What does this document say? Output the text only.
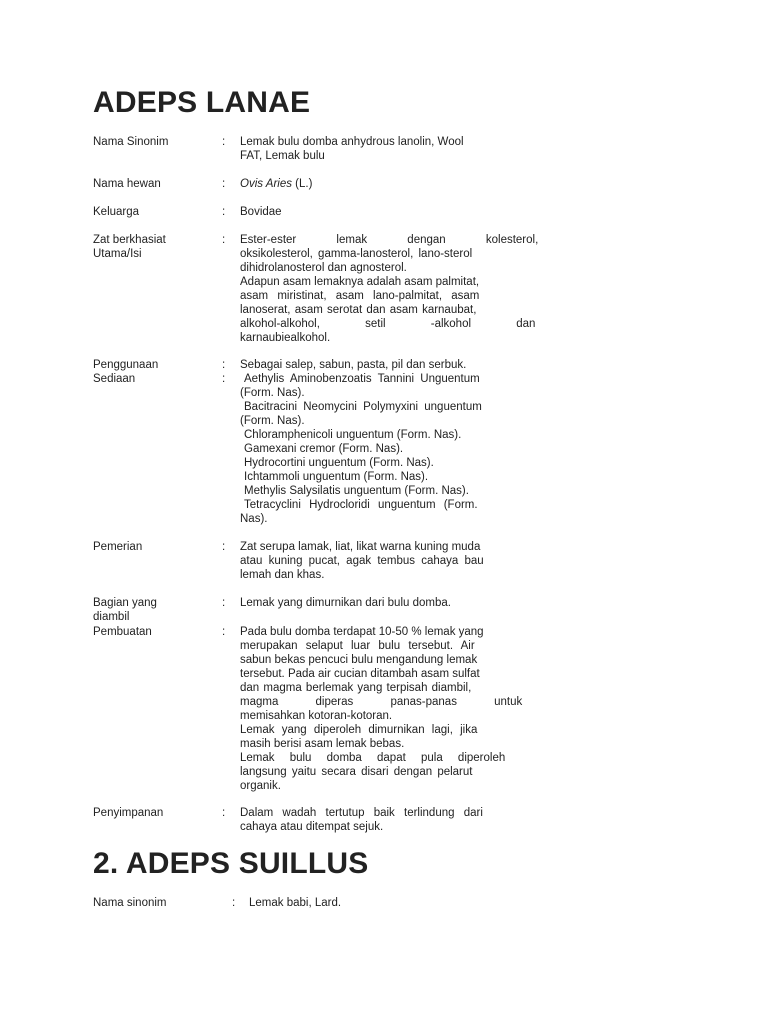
ADEPS LANAE
Nama Sinonim	: Lemak bulu domba anhydrous lanolin, Wool
FAT, Lemak bulu
Nama hewan	: Ovis Aries (L.)
Keluarga	: Bovidae
Zat berkhasiat
Utama/Isi
: Ester-ester lemak dengan kolesterol,
oksikolesterol, gamma-lanosterol, lano-sterol
dihidrolanosterol dan agnosterol.
Adapun asam lemaknya adalah asam palmitat,
asam miristinat, asam lano-palmitat, asam
lanoserat, asam serotat dan asam karnaubat,
alkohol-alkohol, setil -alkohol dan
karnaubiealkohol.
Penggunaan	: Sebagai salep, sabun, pasta, pil dan serbuk.
Sediaan	:	Aethylis Aminobenzoatis Tannini Unguentum
(Form. Nas).
Bacitracini Neomycini Polymyxini unguentum
(Form. Nas).
Chloramphenicoli unguentum (Form. Nas).
Gamexani cremor (Form. Nas).
Hydrocortini unguentum (Form. Nas).
Ichtammoli unguentum (Form. Nas).
Methylis Salysilatis unguentum (Form. Nas).
Tetracyclini Hydrocloridi unguentum (Form.
Nas).
Pemerian	: Zat serupa lamak, liat, likat warna kuning muda
atau kuning pucat, agak tembus cahaya bau
lemah dan khas.
Bagian yang
diambil
: Lemak yang dimurnikan dari bulu domba.
Pembuatan	: Pada bulu domba terdapat 10-50 % lemak yang
merupakan selaput luar bulu tersebut. Air
sabun bekas pencuci bulu mengandung lemak
tersebut. Pada air cucian ditambah asam sulfat
dan magma berlemak yang terpisah diambil,
magma diperas panas-panas untuk
memisahkan kotoran-kotoran.
Lemak yang diperoleh dimurnikan lagi, jika
masih berisi asam lemak bebas.
Lemak bulu domba dapat pula diperoleh
langsung yaitu secara disari dengan pelarut
organik.
Penyimpanan	: Dalam wadah tertutup baik terlindung dari
cahaya atau ditempat sejuk.
2. ADEPS SUILLUS
Nama sinonim	: Lemak babi, Lard.
